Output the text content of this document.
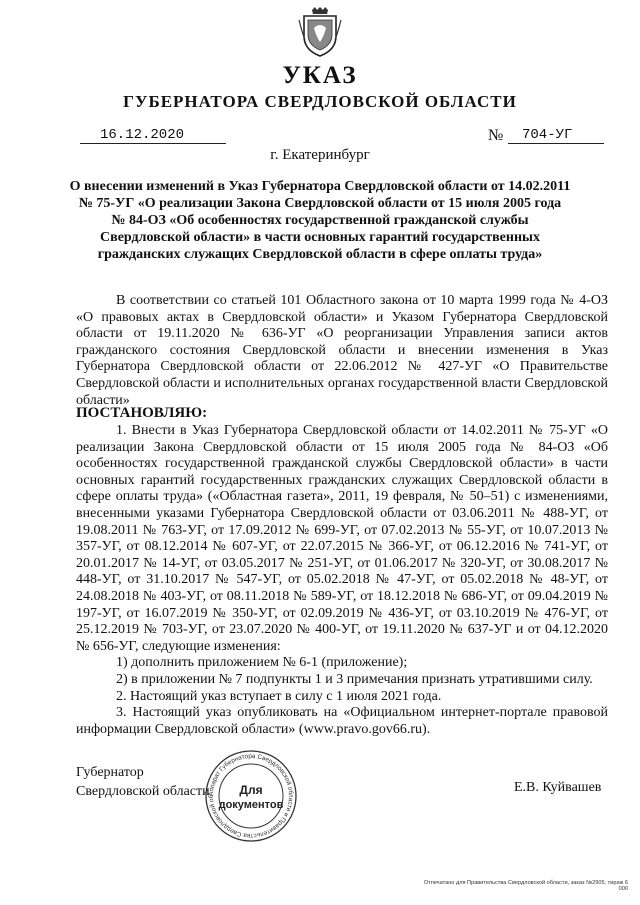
УКАЗ
ГУБЕРНАТОРА СВЕРДЛОВСКОЙ ОБЛАСТИ
16.12.2020	№ 704-УГ
г. Екатеринбург
О внесении изменений в Указ Губернатора Свердловской области от 14.02.2011
№ 75-УГ «О реализации Закона Свердловской области от 15 июля 2005 года
№ 84-ОЗ «Об особенностях государственной гражданской службы
Свердловской области» в части основных гарантий государственных
гражданских служащих Свердловской области в сфере оплаты труда»

В соответствии со статьей 101 Областного закона от 10 марта 1999 года № 4-ОЗ «О правовых актах в Свердловской области» и Указом Губернатора Свердловской области от 19.11.2020 № 636-УГ «О реорганизации Управления записи актов гражданского состояния Свердловской области и внесении изменения в Указ Губернатора Свердловской области от 22.06.2012 № 427-УГ «О Правительстве Свердловской области и исполнительных органах государственной власти Свердловской области»

ПОСТАНОВЛЯЮ:

1. Внести в Указ Губернатора Свердловской области от 14.02.2011 № 75-УГ «О реализации Закона Свердловской области от 15 июля 2005 года № 84-ОЗ «Об особенностях государственной гражданской службы Свердловской области» в части основных гарантий государственных гражданских служащих Свердловской области в сфере оплаты труда» («Областная газета», 2011, 19 февраля, № 50–51) с изменениями, внесенными указами Губернатора Свердловской области от 03.06.2011 № 488-УГ, от 19.08.2011 № 763-УГ, от 17.09.2012 № 699-УГ, от 07.02.2013 № 55-УГ, от 10.07.2013 № 357-УГ, от 08.12.2014 № 607-УГ, от 22.07.2015 № 366-УГ, от 06.12.2016 № 741-УГ, от 20.01.2017 № 14-УГ, от 03.05.2017 № 251-УГ, от 01.06.2017 № 320-УГ, от 30.08.2017 № 448-УГ, от 31.10.2017 № 547-УГ, от 05.02.2018 № 47-УГ, от 05.02.2018 № 48-УГ, от 24.08.2018 № 403-УГ, от 08.11.2018 № 589-УГ, от 18.12.2018 № 686-УГ, от 09.04.2019 № 197-УГ, от 16.07.2019 № 350-УГ, от 02.09.2019 № 436-УГ, от 03.10.2019 № 476-УГ, от 25.12.2019 № 703-УГ, от 23.07.2020 № 400-УГ, от 19.11.2020 № 637-УГ и от 04.12.2020 № 656-УГ, следующие изменения:

1) дополнить приложением № 6-1 (приложение);

2) в приложении № 7 подпункты 1 и 3 примечания признать утратившими силу.

2. Настоящий указ вступает в силу с 1 июля 2021 года.

3. Настоящий указ опубликовать на «Официальном интернет-портале правовой информации Свердловской области» (www.pravo.gov66.ru).

Губернатор
Свердловской области
Аппарат Губернатора Свердловской области и Правительства Свердловской об	Для
документов
Е.В. Куйвашев
Отпечатано для Правительства Свердловской области, заказ №2905, тираж 6 000
